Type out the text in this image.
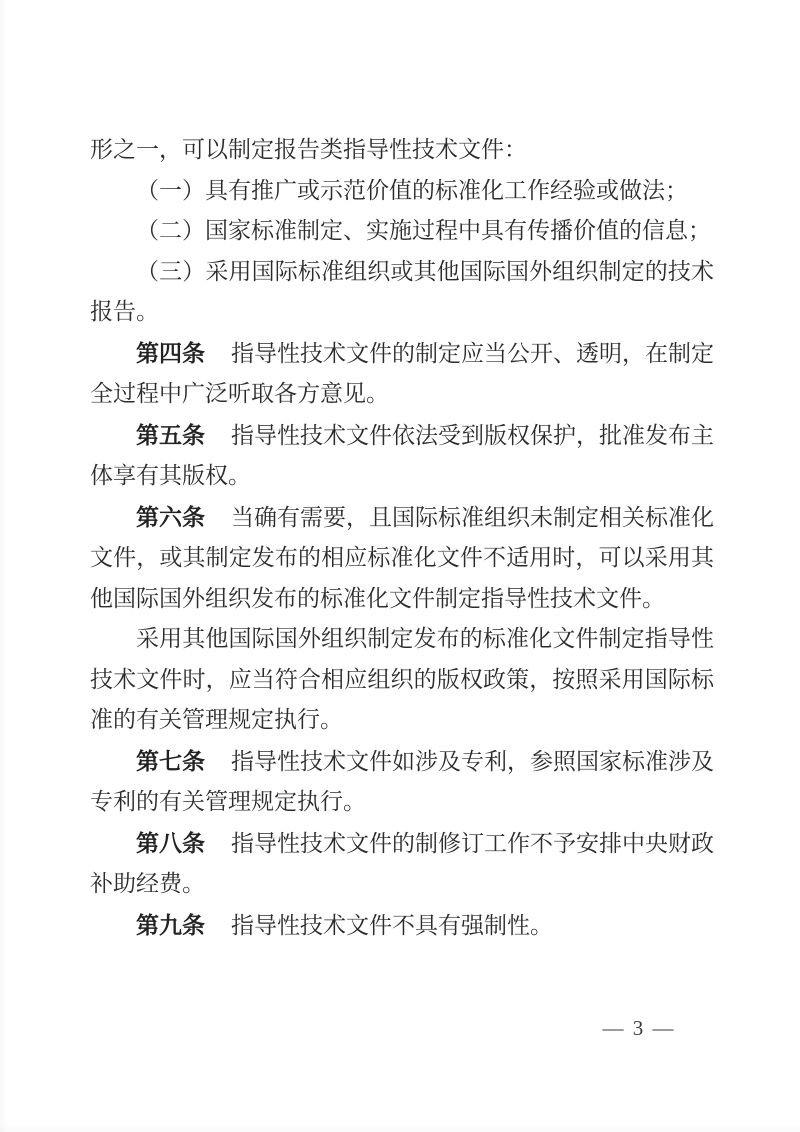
形之一，可以制定报告类指导性技术文件：

（一）具有推广或示范价值的标准化工作经验或做法；

（二）国家标准制定、实施过程中具有传播价值的信息；

（三）采用国际标准组织或其他国际国外组织制定的技术报告。

第四条 指导性技术文件的制定应当公开、透明，在制定全过程中广泛听取各方意见。

第五条 指导性技术文件依法受到版权保护，批准发布主体享有其版权。

第六条 当确有需要，且国际标准组织未制定相关标准化文件，或其制定发布的相应标准化文件不适用时，可以采用其他国际国外组织发布的标准化文件制定指导性技术文件。

采用其他国际国外组织制定发布的标准化文件制定指导性技术文件时，应当符合相应组织的版权政策，按照采用国际标准的有关管理规定执行。

第七条 指导性技术文件如涉及专利，参照国家标准涉及专利的有关管理规定执行。

第八条 指导性技术文件的制修订工作不予安排中央财政补助经费。

第九条 指导性技术文件不具有强制性。

— 3 —
